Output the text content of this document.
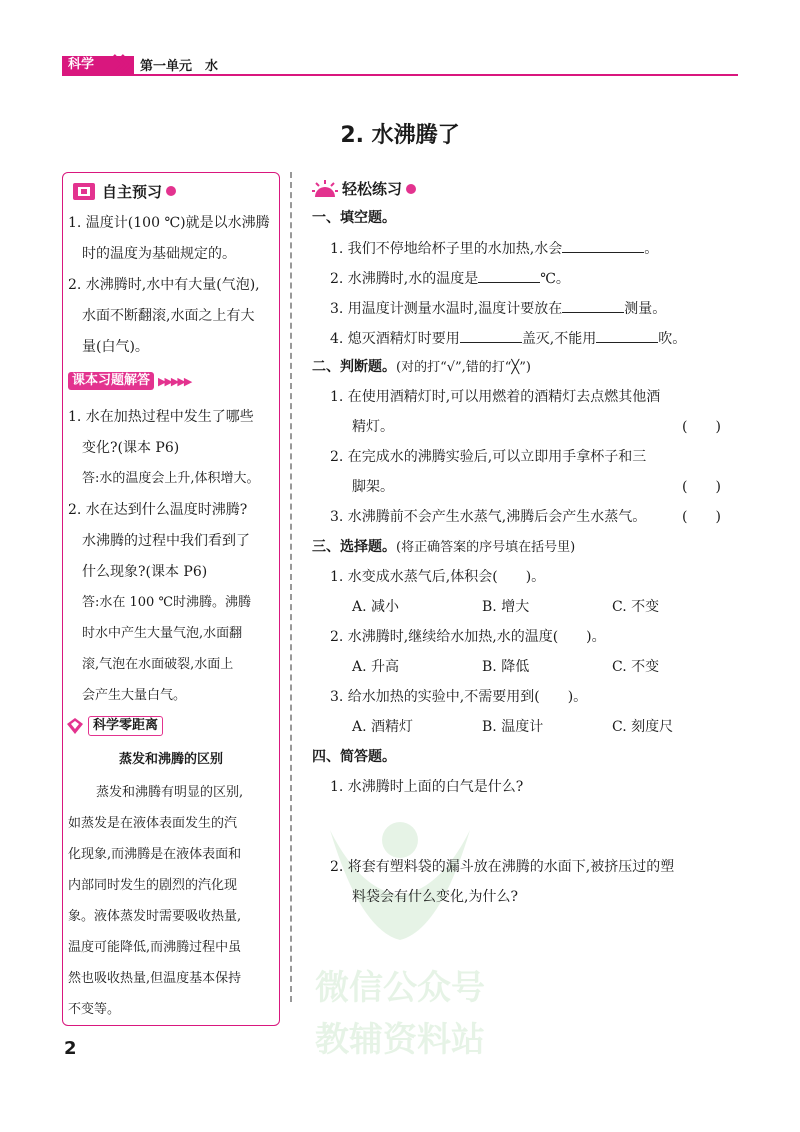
科学	第一单元　水
2. 水沸腾了
微信公众号
教辅资料站
自主预习
1. 温度计(100 ℃)就是以水沸腾
时的温度为基础规定的。
2. 水沸腾时,水中有大量(气泡),
水面不断翻滚,水面之上有大
量(白气)。
课本习题解答 ▶▶▶▶▶
1. 水在加热过程中发生了哪些
变化?(课本 P6)
答:水的温度会上升,体积增大。
2. 水在达到什么温度时沸腾?
水沸腾的过程中我们看到了
什么现象?(课本 P6)
答:水在 100 ℃时沸腾。沸腾
时水中产生大量气泡,水面翻
滚,气泡在水面破裂,水面上
会产生大量白气。
科学零距离
蒸发和沸腾的区别
蒸发和沸腾有明显的区别,
如蒸发是在液体表面发生的汽
化现象,而沸腾是在液体表面和
内部同时发生的剧烈的汽化现
象。液体蒸发时需要吸收热量,
温度可能降低,而沸腾过程中虽
然也吸收热量,但温度基本保持
不变等。
轻松练习
一、填空题。
1. 我们不停地给杯子里的水加热,水会	。
2. 水沸腾时,水的温度是	℃。
3. 用温度计测量水温时,温度计要放在	测量。
4. 熄灭酒精灯时要用	盖灭,不能用	吹。
二、判断题。(对的打“√”,错的打“╳”)
1. 在使用酒精灯时,可以用燃着的酒精灯去点燃其他酒
精灯。	(　　)
2. 在完成水的沸腾实验后,可以立即用手拿杯子和三
脚架。	(　　)
3. 水沸腾前不会产生水蒸气,沸腾后会产生水蒸气。	(　　)
三、选择题。(将正确答案的序号填在括号里)
1. 水变成水蒸气后,体积会(　　)。
A. 减小	B. 增大	C. 不变
2. 水沸腾时,继续给水加热,水的温度(　　)。
A. 升高	B. 降低	C. 不变
3. 给水加热的实验中,不需要用到(　　)。
A. 酒精灯	B. 温度计	C. 刻度尺
四、简答题。
1. 水沸腾时上面的白气是什么?
2. 将套有塑料袋的漏斗放在沸腾的水面下,被挤压过的塑
料袋会有什么变化,为什么?
2
